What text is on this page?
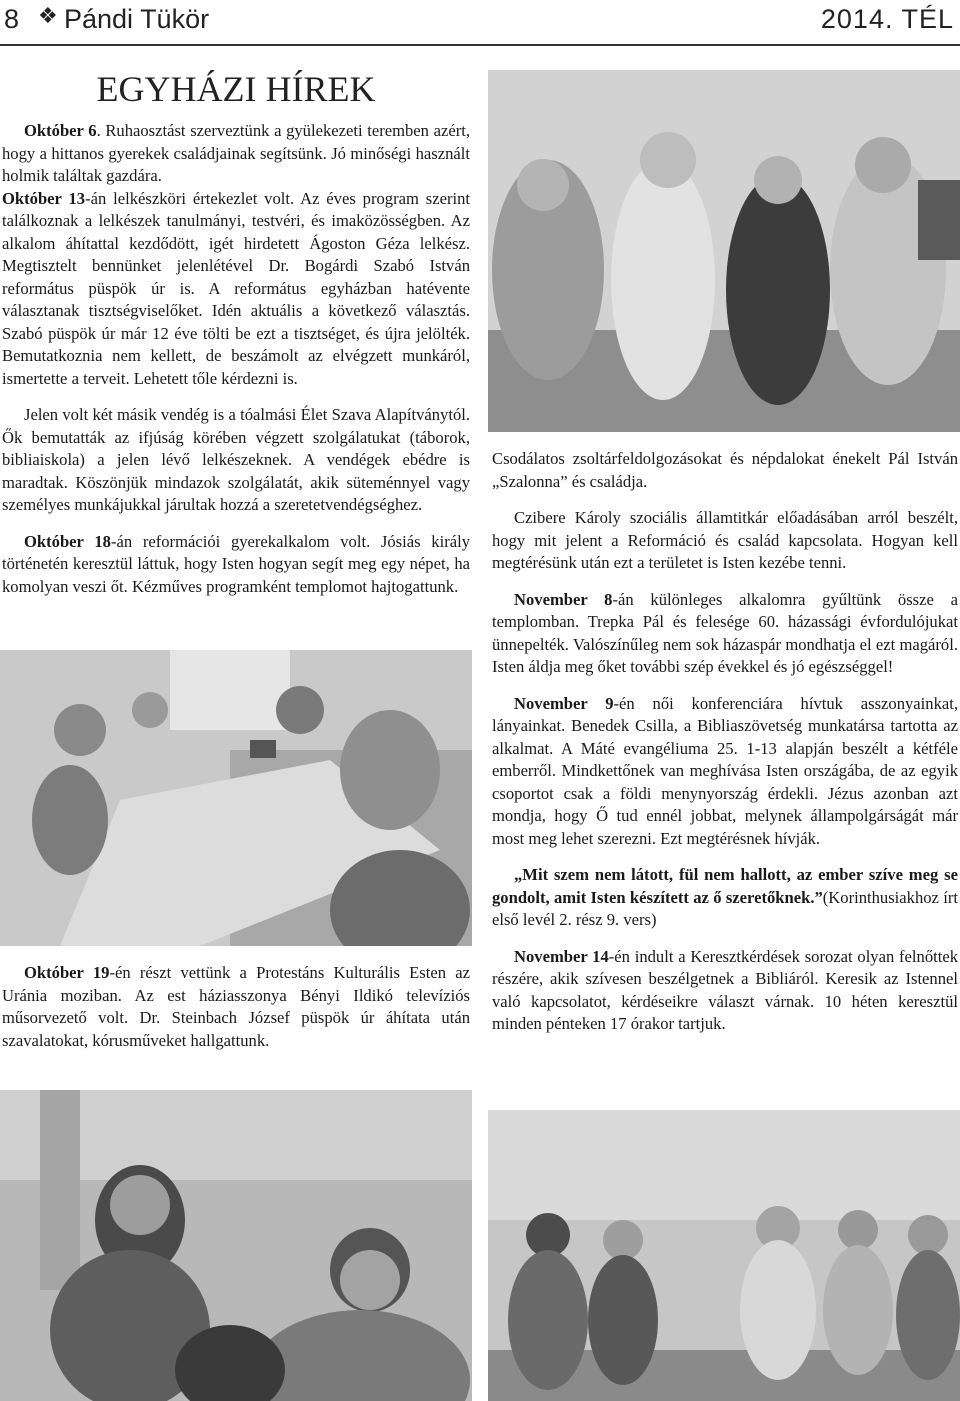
8 ❖ Pándi Tükör	2014. TÉL
EGYHÁZI HÍREK

Október 6. Ruhaosztást szerveztünk a gyülekezeti teremben azért, hogy a hittanos gyerekek családjainak segítsünk. Jó minőségi használt holmik találtak gazdára.
Október 13-án lelkészköri értekezlet volt. Az éves program szerint találkoznak a lelkészek tanulmányi, testvéri, és imaközösségben. Az alkalom áhítattal kezdődött, igét hirdetett Ágoston Géza lelkész. Megtisztelt bennünket jelenlétével Dr. Bogárdi Szabó István református püspök úr is. A református egyházban hatévente választanak tisztségviselőket. Idén aktuális a következő választás. Szabó püspök úr már 12 éve tölti be ezt a tisztséget, és újra jelölték. Bemutatkoznia nem kellett, de beszámolt az elvégzett munkáról, ismertette a terveit. Lehetett tőle kérdezni is.

Jelen volt két másik vendég is a tóalmási Élet Szava Alapítványtól. Ők bemutatták az ifjúság körében végzett szolgálatukat (táborok, bibliaiskola) a jelen lévő lelkészeknek. A vendégek ebédre is maradtak. Köszönjük mindazok szolgálatát, akik süteménnyel vagy személyes munkájukkal járultak hozzá a szeretetvendégséghez.

Október 18-án reformációi gyerekalkalom volt. Jósiás király történetén keresztül láttuk, hogy Isten hogyan segít meg egy népet, ha komolyan veszi őt. Kézműves programként templomot hajtogattunk.

Október 19-én részt vettünk a Protestáns Kulturális Esten az Uránia moziban. Az est háziasszonya Bényi Ildikó televíziós műsorvezető volt. Dr. Steinbach József püspök úr áhítata után szavalatokat, kórusműveket hallgattunk.

Csodálatos zsoltárfeldolgozásokat és népdalokat énekelt Pál István „Szalonna” és családja.

Czibere Károly szociális államtitkár előadásában arról beszélt, hogy mit jelent a Reformáció és család kapcsolata. Hogyan kell megtérésünk után ezt a területet is Isten kezébe tenni.

November 8-án különleges alkalomra gyűltünk össze a templomban. Trepka Pál és felesége 60. házassági évfordulójukat ünnepelték. Valószínűleg nem sok házaspár mondhatja el ezt magáról. Isten áldja meg őket további szép évekkel és jó egészséggel!

November 9-én női konferenciára hívtuk asszonyainkat, lányainkat. Benedek Csilla, a Bibliaszövetség munkatársa tartotta az alkalmat. A Máté evangéliuma 25. 1-13 alapján beszélt a kétféle emberről. Mindkettőnek van meghívása Isten országába, de az egyik csoportot csak a földi menynyország érdekli. Jézus azonban azt mondja, hogy Ő tud ennél jobbat, melynek állampolgárságát már most meg lehet szerezni. Ezt megtérésnek hívják.

„Mit szem nem látott, fül nem hallott, az ember szíve meg se gondolt, amit Isten készített az ő szeretőknek.”(Korinthusiakhoz írt első levél 2. rész 9. vers)

November 14-én indult a Keresztkérdések sorozat olyan felnőttek részére, akik szívesen beszélgetnek a Bibliáról. Keresik az Istennel való kapcsolatot, kérdéseikre választ várnak. 10 héten keresztül minden pénteken 17 órakor tartjuk.
